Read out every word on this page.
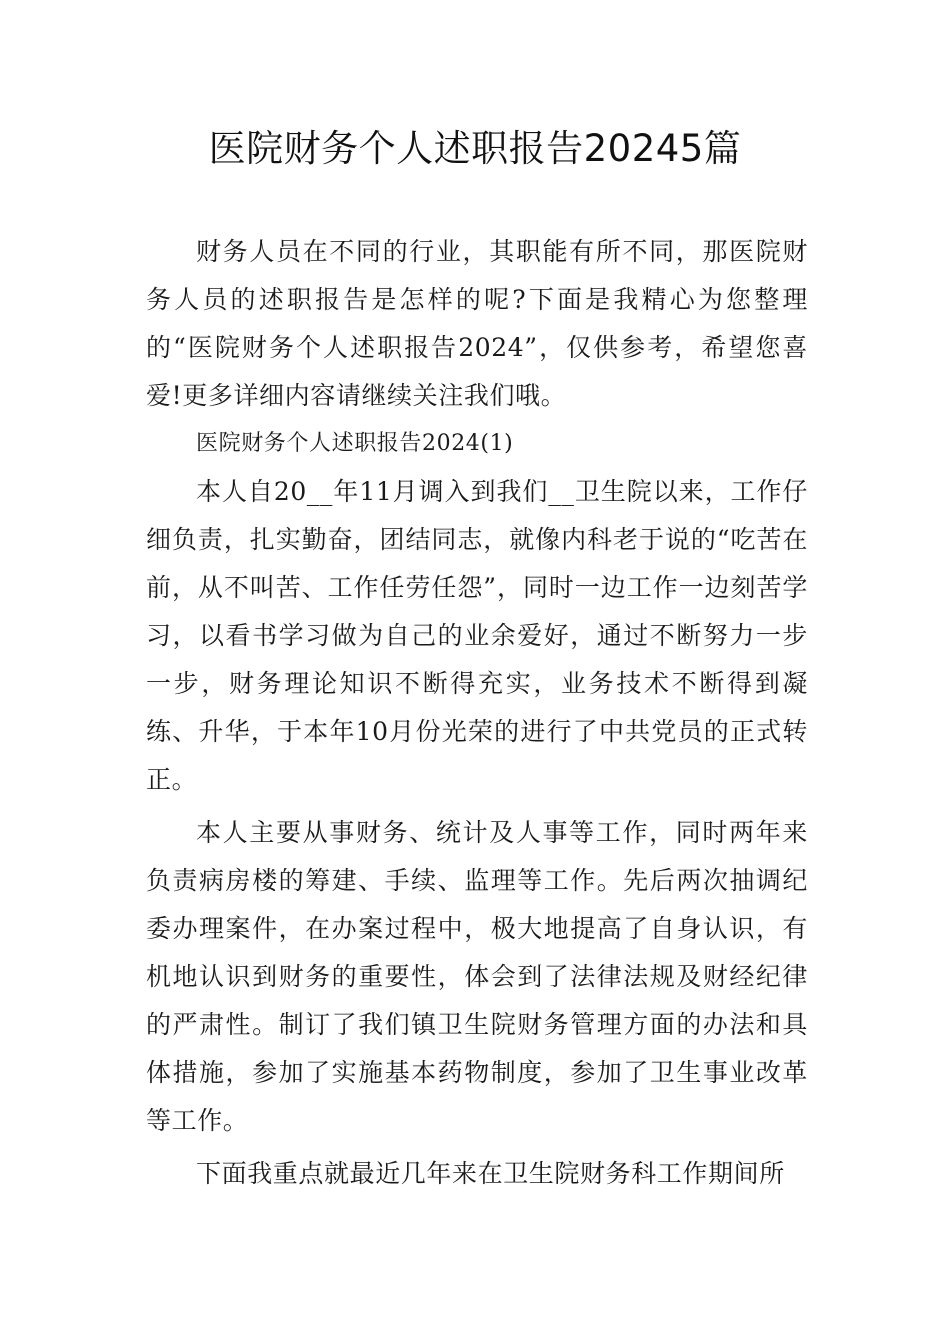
医院财务个人述职报告20245篇

财务人员在不同的行业，其职能有所不同，那医院财务人员的述职报告是怎样的呢?下面是我精心为您整理的“医院财务个人述职报告2024”，仅供参考，希望您喜爱!更多详细内容请继续关注我们哦。

医院财务个人述职报告2024(1)

本人自20__年11月调入到我们__卫生院以来，工作仔细负责，扎实勤奋，团结同志，就像内科老于说的“吃苦在前，从不叫苦、工作任劳任怨”，同时一边工作一边刻苦学习，以看书学习做为自己的业余爱好，通过不断努力一步一步，财务理论知识不断得充实，业务技术不断得到凝练、升华，于本年10月份光荣的进行了中共党员的正式转正。

本人主要从事财务、统计及人事等工作，同时两年来负责病房楼的筹建、手续、监理等工作。先后两次抽调纪委办理案件，在办案过程中，极大地提高了自身认识，有机地认识到财务的重要性，体会到了法律法规及财经纪律的严肃性。制订了我们镇卫生院财务管理方面的办法和具体措施，参加了实施基本药物制度，参加了卫生事业改革等工作。

下面我重点就最近几年来在卫生院财务科工作期间所
